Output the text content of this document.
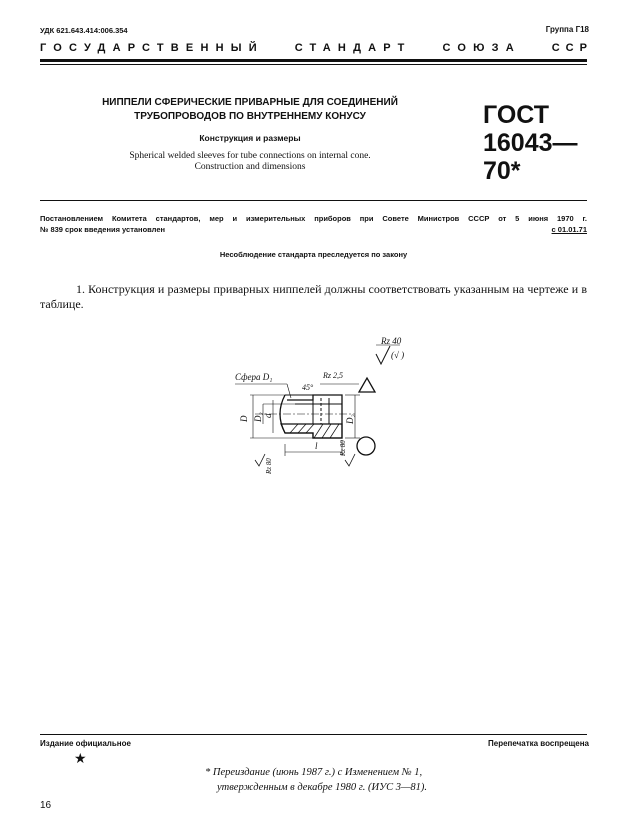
УДК 621.643.414:006.354	Группа Г18
ГОСУДАРСТВЕННЫЙ	СТАНДАРТ	СОЮЗА	ССР
НИППЕЛИ СФЕРИЧЕСКИЕ ПРИВАРНЫЕ ДЛЯ СОЕДИНЕНИЙ
ТРУБОПРОВОДОВ ПО ВНУТРЕННЕМУ КОНУСУ
Конструкция и размеры
Spherical welded sleeves for tube connections on internal cone.
Construction and dimensions
ГОСТ
16043—70*
Постановлением Комитета стандартов, мер и измерительных приборов при Совете Министров СССР от 5 июня 1970 г.
№ 839 срок введения установлен	с 01.01.71
Несоблюдение стандарта преследуется по закону
1. Конструкция и размеры приварных ниппелей должны соответствовать указанным на чертеже и в таблице.
Rz 40
(√ )
Сфера D₁
45°
Rz 2,5
D d
D₂	D₂
l
Rz 80
Rz 80
Издание официальное	Перепечатка воспрещена
★
* Переиздание (июнь 1987 г.) с Изменением № 1,
утвержденным в декабре 1980 г. (ИУС 3—81).
16
